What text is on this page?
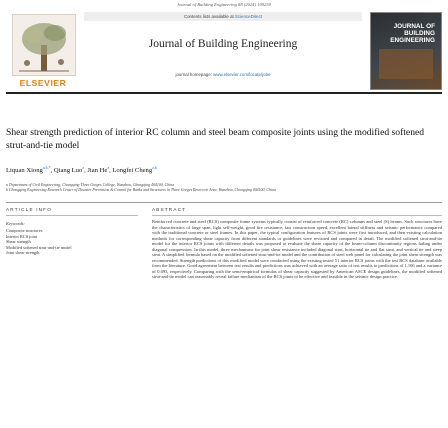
Journal of Building Engineering 88 (2024) 109250
ELSEVIER
Contents lists available at ScienceDirect
Journal of Building Engineering
journal homepage: www.elsevier.com/locate/jobe
JOURNAL OF BUILDING ENGINEERING
Shear strength prediction of interior RC column and steel beam composite joints using the modified softened strut-and-tie model
Liquan Xiong$^{a,b,*}$, Qiang Luo$^a$, Jian He$^a$, Longfei Cheng$^{a,b}$
a Department of Civil Engineering, Chongqing Three Gorges College, Wanzhou, Chongqing 404100, China
b Chongqing Engineering Research Center of Disaster Prevention & Control for Banks and Structures in Three Gorges Reservoir Area, Wanzhou, Chongqing 404100, China
ARTICLE INFO	ABSTRACT
Keywords:
Composite structures
Interior RCS joint
Shear strength
Modified softened strut-and-tie model
Joint shear strength
Reinforced concrete and steel (RCS) composite frame systems typically consist of reinforced concrete (RC) columns and steel (S) beams. Such structures have the characteristics of large span, light self-weight, good fire resistance, fast construction speed, excellent lateral stiffness and seismic performance compared with the traditional concrete or steel frames. In this paper, the typical configuration features of RCS joints were first introduced, and then existing calculation methods for corresponding shear capacity from different standards or guidelines were revisited and compared in detail. The modified softened strut-and-tie model for the interior RCS joints with different details was proposed to evaluate the shear capacity of the beam-column discontinuity regions failing under diagonal compression. In this model, three mechanisms for joint shear resistance included diagonal strut, horizontal tie and flat strut, and vertical tie and steep strut. A simplified formula based on the modified softened strut-and-tie model and the contribution of steel web panel for calculating the joint shear strength was recommended. Strength predictions of this modified model were conducted using the existing tested 51 interior RCS joints with the test RCS database available from the literature. Good agreement between test results and predictions was achieved with an average ratio of test results to predictions of 1.106 and a variance of 0.093, respectively. Comparing with the semi-empirical formulas of shear capacity suggested by American ASCE design guidelines, the modified softened strut-and-tie model can reasonably reveal failure mechanism of the RCS joints to be effective and feasible in the seismic design practice.
